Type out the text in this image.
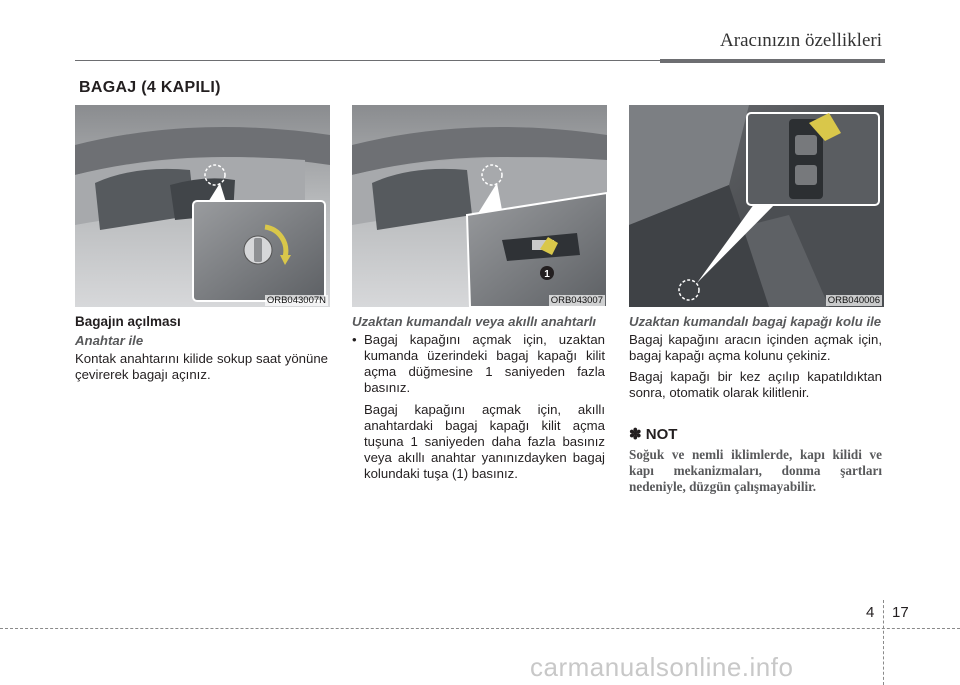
Aracınızın özellikleri
BAGAJ (4 KAPILI)
ORB043007N
1
ORB043007	ORB040006
Bagajın açılması
Anahtar ile
Kontak anahtarını kilide sokup saat yönüne çevirerek bagajı açınız.
Uzaktan kumandalı veya akıllı anahtarlı
• Bagaj kapağını açmak için, uzaktan kumanda üzerindeki bagaj kapağı kilit açma düğmesine 1 saniyeden fazla basınız.
Bagaj kapağını açmak için, akıllı anahtardaki bagaj kapağı kilit açma tuşuna 1 saniyeden daha fazla basınız veya akıllı anahtar yanınızdayken bagaj kolundaki tuşa (1) basınız.
Uzaktan kumandalı bagaj kapağı kolu ile
Bagaj kapağını aracın içinden açmak için, bagaj kapağı açma kolunu çekiniz.
Bagaj kapağı bir kez açılıp kapatıldıktan sonra, otomatik olarak kilitlenir.
✽ NOT
Soğuk ve nemli iklimlerde, kapı kilidi ve kapı mekanizmaları, donma şartları nedeniyle, düzgün çalışmayabilir.
4 17
carmanualsonline.info
